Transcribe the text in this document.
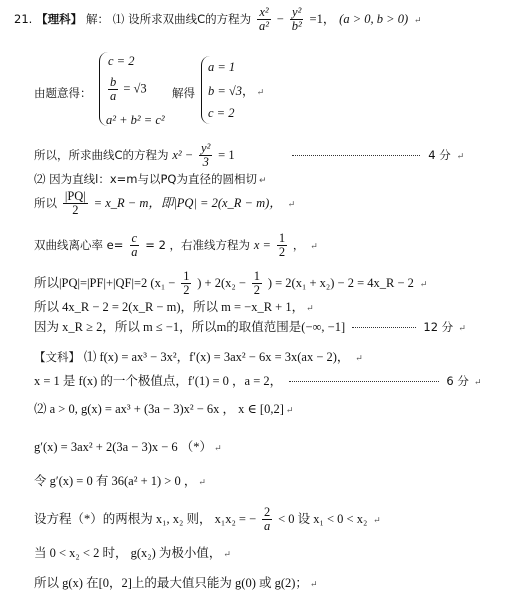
21. 【理科】 解： ⑴ 设所求双曲线C的方程为 $\frac{\text{x²}}{\text{a²}} - \frac{\text{y²}}{\text{b²}} =1$， (a > 0, b > 0) ↵
由题意得：
c = 2
$\frac{b}{a} = √3$
a² + b² = c²
解得
a = 1
b = √3， ↵
c = 2
所以，所求曲线C的方程为 $x^2 - \frac{\text{y²}}{3} = 1$	4 分 ↵
⑵ 因为直线l：x=m与以PQ为直径的圆相切 ↵
所以 $\frac{|PQ|}{2}$ = x_R − m，即|PQ| = 2(x_R − m)， ↵
双曲线离心率 $e= \frac{c}{a} = 2$ ，右准线方程为 $x = \frac{1}{2}$ ， ↵
所以|PQ|=|PF|+|QF|=2 ($x_1 - \frac{1}{2}$ ) + $2(x_2 - \frac{1}{2}$ ) = 2(x₁ + x₂) − 2 = 4x_R − 2 ↵
所以 4x_R − 2 = 2(x_R − m)，所以 m = −x_R + 1， ↵
因为 x_R ≥ 2，所以 m ≤ −1，所以m的取值范围是(−∞, −1]	12 分 ↵
【文科】 ⑴ f(x) = ax³ − 3x²，f′(x) = 3ax² − 6x = 3x(ax − 2)， ↵
x = 1 是 f(x) 的一个极值点，f′(1) = 0 ，a = 2，	6 分 ↵
⑵ a > 0, g(x) = ax³ + (3a − 3)x² − 6x ， x ∈ [0,2] ↵
g′(x) = 3ax² + 2(3a − 3)x − 6 （*） ↵
令 g′(x) = 0 有 36(a² + 1) > 0 ， ↵
设方程（*）的两根为 x₁, x₂ 则， x₁x₂ = − $\frac{2}{a} < 0$ 设 x₁ < 0 < x₂ ↵
当 0 < x₂ < 2 时， g(x₂) 为极小值， ↵
所以 g(x) 在[0，2]上的最大值只能为 g(0) 或 g(2)； ↵
